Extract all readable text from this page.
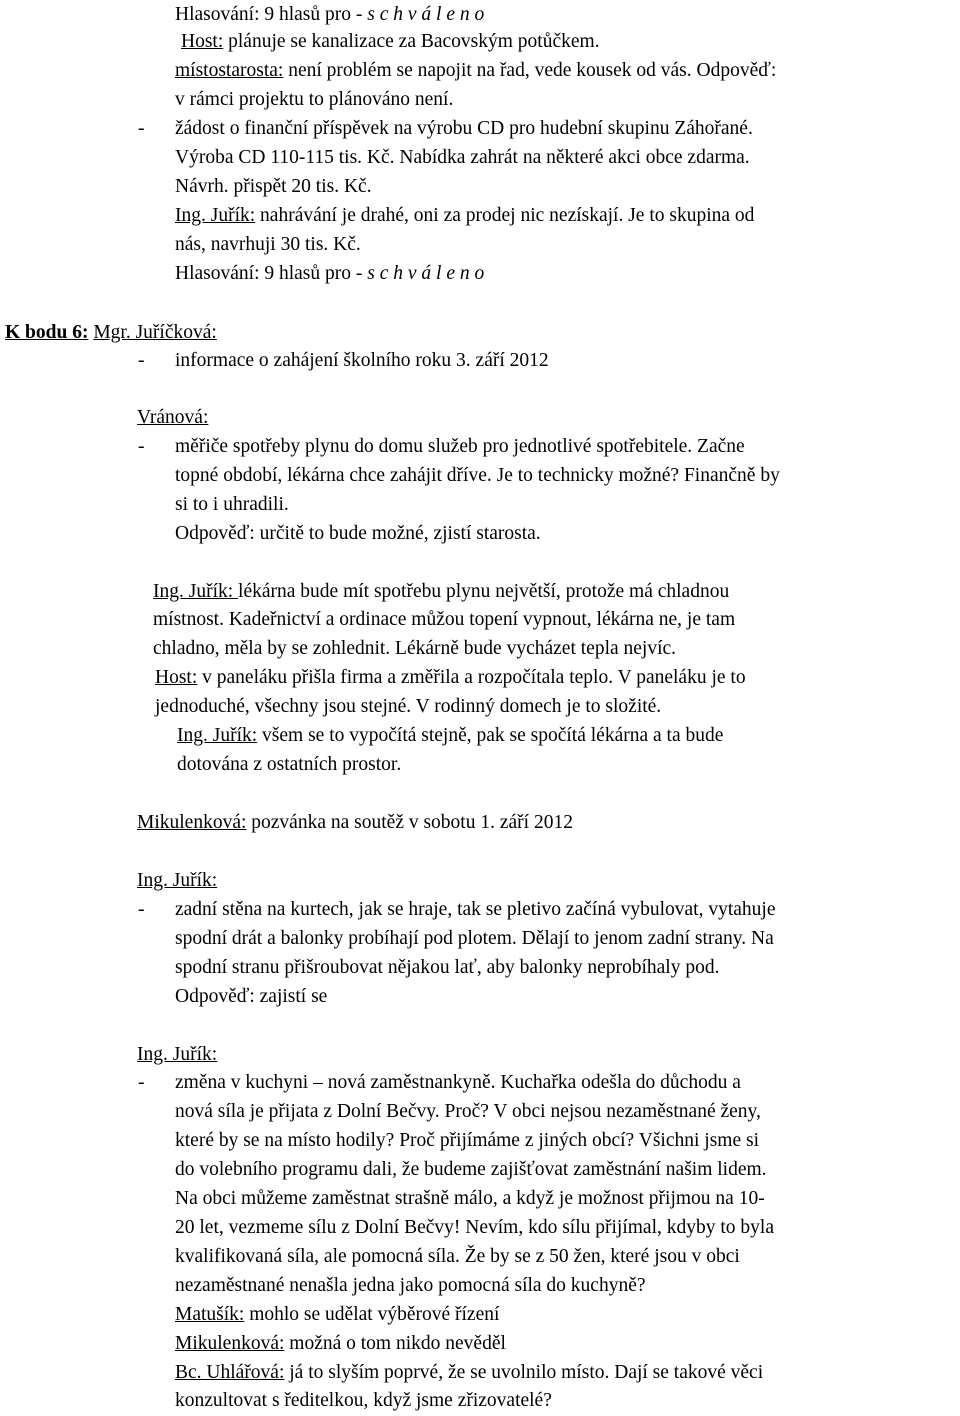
Hlasování: 9 hlasů pro - s c h v á l e n o
Host: plánuje se kanalizace za Bacovským potůčkem.
místostarosta: není problém se napojit na řad, vede kousek od vás. Odpověď:
v rámci projektu to plánováno není.
- žádost o finanční příspěvek na výrobu CD pro hudební skupinu Záhořané.
Výroba CD 110-115 tis. Kč. Nabídka zahrát na některé akci obce zdarma.
Návrh. přispět 20 tis. Kč.
Ing. Juřík: nahrávání je drahé, oni za prodej nic nezískají. Je to skupina od
nás, navrhuji 30 tis. Kč.
Hlasování: 9 hlasů pro - s c h v á l e n o
K bodu 6: Mgr. Juříčková:
- informace o zahájení školního roku 3. září 2012
Vránová:
- měřiče spotřeby plynu do domu služeb pro jednotlivé spotřebitele. Začne
topné období, lékárna chce zahájit dříve. Je to technicky možné? Finančně by
si to i uhradili.
Odpověď: určitě to bude možné, zjistí starosta.
Ing. Juřík: lékárna bude mít spotřebu plynu největší, protože má chladnou
místnost. Kadeřnictví a ordinace můžou topení vypnout, lékárna ne, je tam
chladno, měla by se zohlednit. Lékárně bude vycházet tepla nejvíc.
Host: v paneláku přišla firma a změřila a rozpočítala teplo. V paneláku je to
jednoduché, všechny jsou stejné. V rodinný domech je to složité.
Ing. Juřík: všem se to vypočítá stejně, pak se spočítá lékárna a ta bude
dotována z ostatních prostor.
Mikulenková: pozvánka na soutěž v sobotu 1. září 2012
Ing. Juřík:
- zadní stěna na kurtech, jak se hraje, tak se pletivo začíná vybulovat, vytahuje
spodní drát a balonky probíhají pod plotem. Dělají to jenom zadní strany. Na
spodní stranu přišroubovat nějakou lať, aby balonky neprobíhaly pod.
Odpověď: zajistí se
Ing. Juřík:
- změna v kuchyni – nová zaměstnankyně. Kuchařka odešla do důchodu a
nová síla je přijata z Dolní Bečvy. Proč? V obci nejsou nezaměstnané ženy,
které by se na místo hodily? Proč přijímáme z jiných obcí? Všichni jsme si
do volebního programu dali, že budeme zajišťovat zaměstnání našim lidem.
Na obci můžeme zaměstnat strašně málo, a když je možnost přijmou na 10-
20 let, vezmeme sílu z Dolní Bečvy! Nevím, kdo sílu přijímal, kdyby to byla
kvalifikovaná síla, ale pomocná síla. Že by se z 50 žen, které jsou v obci
nezaměstnané nenašla jedna jako pomocná síla do kuchyně?
Matušík: mohlo se udělat výběrové řízení
Mikulenková: možná o tom nikdo nevěděl
Bc. Uhlářová: já to slyším poprvé, že se uvolnilo místo. Dají se takové věci
konzultovat s ředitelkou, když jsme zřizovatelé?
